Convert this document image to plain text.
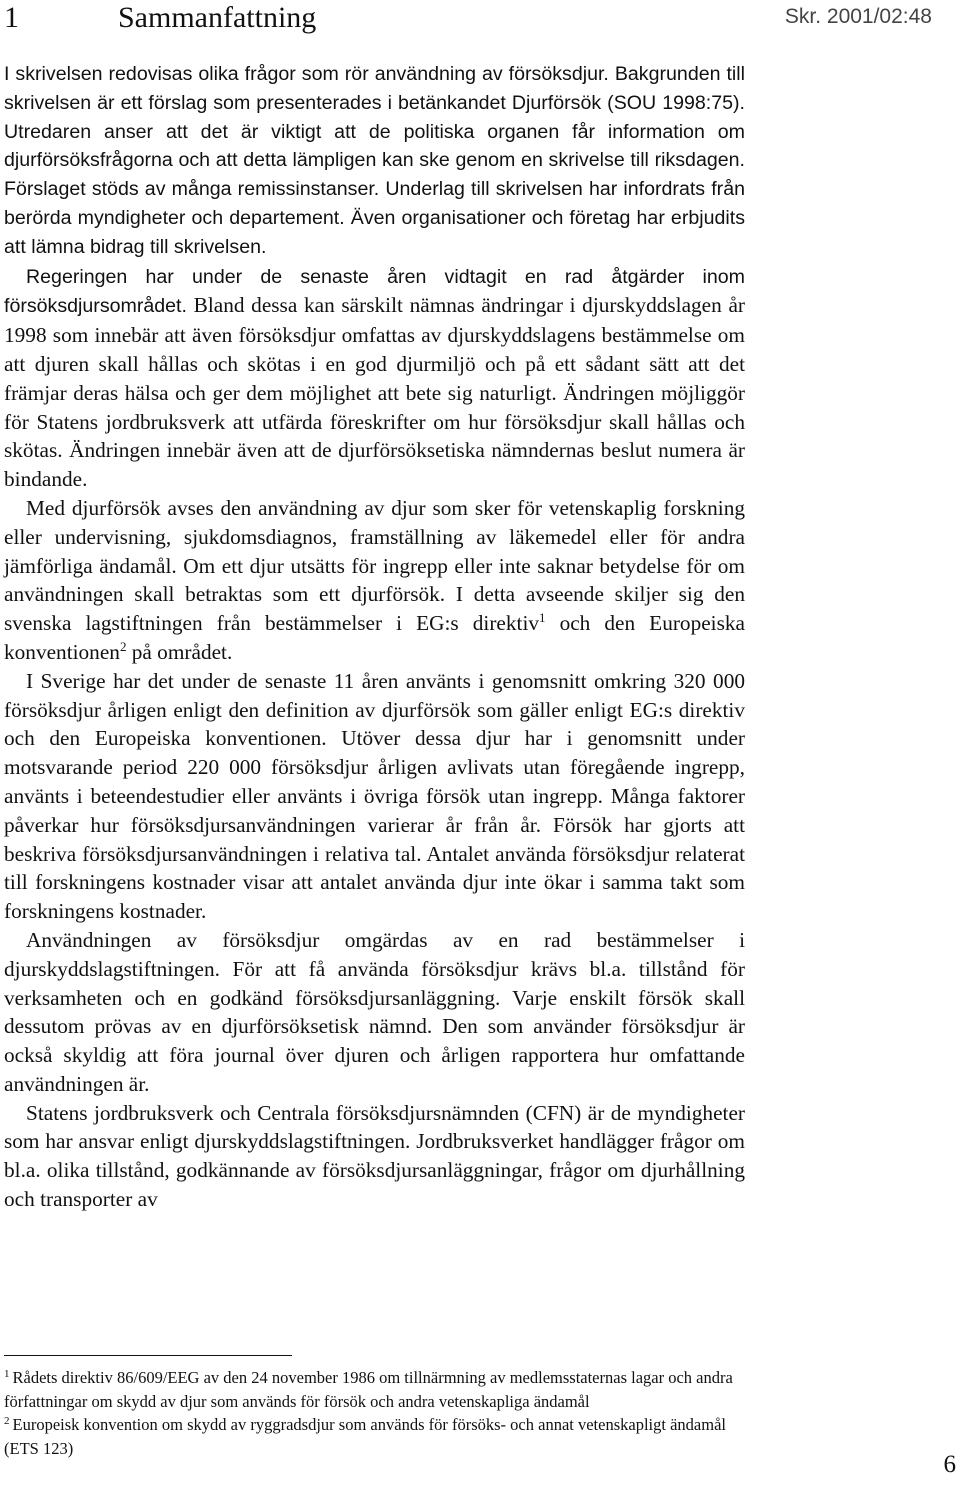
1	Sammanfattning	Skr. 2001/02:48

I skrivelsen redovisas olika frågor som rör användning av försöksdjur. Bakgrunden till skrivelsen är ett förslag som presenterades i betänkandet Djurförsök (SOU 1998:75). Utredaren anser att det är viktigt att de politiska organen får information om djurförsöksfrågorna och att detta lämpligen kan ske genom en skrivelse till riksdagen. Förslaget stöds av många remissinstanser. Underlag till skrivelsen har infordrats från berörda myndigheter och departement. Även organisationer och företag har erbjudits att lämna bidrag till skrivelsen.

Regeringen har under de senaste åren vidtagit en rad åtgärder inom försöksdjursområdet. Bland dessa kan särskilt nämnas ändringar i djurskyddslagen år 1998 som innebär att även försöksdjur omfattas av djurskyddslagens bestämmelse om att djuren skall hållas och skötas i en god djurmiljö och på ett sådant sätt att det främjar deras hälsa och ger dem möjlighet att bete sig naturligt. Ändringen möjliggör för Statens jordbruksverk att utfärda föreskrifter om hur försöksdjur skall hållas och skötas. Ändringen innebär även att de djurförsöksetiska nämndernas beslut numera är bindande.

Med djurförsök avses den användning av djur som sker för vetenskaplig forskning eller undervisning, sjukdomsdiagnos, framställning av läkemedel eller för andra jämförliga ändamål. Om ett djur utsätts för ingrepp eller inte saknar betydelse för om användningen skall betraktas som ett djurförsök. I detta avseende skiljer sig den svenska lagstiftningen från bestämmelser i EG:s direktiv$^1$ och den Europeiska konventionen$^2$ på området.

I Sverige har det under de senaste 11 åren använts i genomsnitt omkring 320 000 försöksdjur årligen enligt den definition av djurförsök som gäller enligt EG:s direktiv och den Europeiska konventionen. Utöver dessa djur har i genomsnitt under motsvarande period 220 000 försöksdjur årligen avlivats utan föregående ingrepp, använts i beteendestudier eller använts i övriga försök utan ingrepp. Många faktorer påverkar hur försöksdjursanvändningen varierar år från år. Försök har gjorts att beskriva försöksdjursanvändningen i relativa tal. Antalet använda försöksdjur relaterat till forskningens kostnader visar att antalet använda djur inte ökar i samma takt som forskningens kostnader.

Användningen av försöksdjur omgärdas av en rad bestämmelser i djurskyddslagstiftningen. För att få använda försöksdjur krävs bl.a. tillstånd för verksamheten och en godkänd försöksdjursanläggning. Varje enskilt försök skall dessutom prövas av en djurförsöksetisk nämnd. Den som använder försöksdjur är också skyldig att föra journal över djuren och årligen rapportera hur omfattande användningen är.

Statens jordbruksverk och Centrala försöksdjursnämnden (CFN) är de myndigheter som har ansvar enligt djurskyddslagstiftningen. Jordbruksverket handlägger frågor om bl.a. olika tillstånd, godkännande av försöksdjursanläggningar, frågor om djurhållning och transporter av

$^1$ Rådets direktiv 86/609/EEG av den 24 november 1986 om tillnärmning av medlemsstaternas lagar och andra författningar om skydd av djur som används för försök och andra vetenskapliga ändamål

$^2$ Europeisk konvention om skydd av ryggradsdjur som används för försöks- och annat vetenskapligt ändamål (ETS 123)

6
